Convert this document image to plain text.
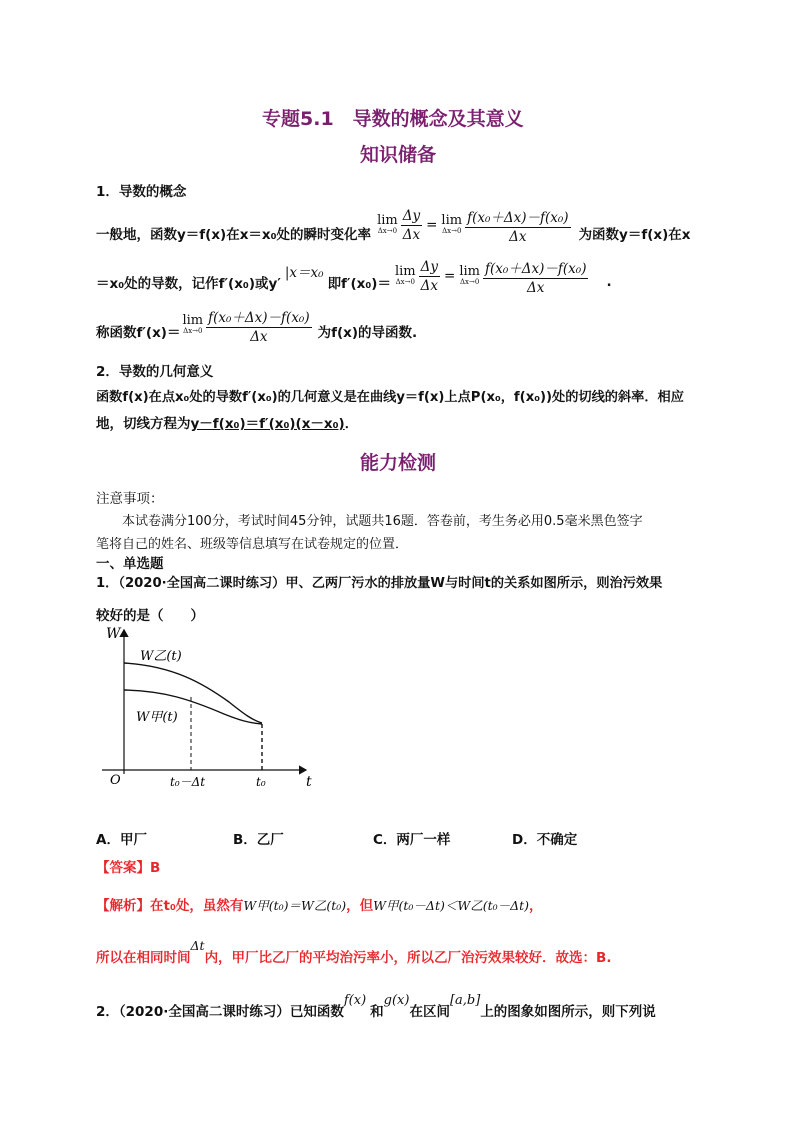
专题5.1　导数的概念及其意义
知识储备
1．导数的概念
一般地，函数y＝f(x)在x＝x₀处的瞬时变化率
lim
$\Delta x\to 0 \frac{\Delta y}{\Delta x} = \lim$
$\Delta x\to 0 \frac{\text{f(x₀＋Δx)－f(x₀)}}{\Delta x}$ 为函数y＝f(x)在x
＝x₀处的导数，记作f′(x₀)或y′
|x＝x₀
即f′(x₀)＝
lim
$\Delta x\to 0 \frac{\Delta y}{\Delta x} = \lim$
$\Delta x\to 0 \frac{\text{f(x₀＋Δx)－f(x₀)}}{\Delta x}$ .
称函数f′(x)＝
lim
$\Delta x\to 0 \frac{\text{f(x₀＋Δx)－f(x₀)}}{\Delta x}$ 为f(x)的导函数.
2．导数的几何意义
函数f(x)在点x₀处的导数f′(x₀)的几何意义是在曲线y＝f(x)上点P(x₀，f(x₀))处的切线的斜率．相应
地，切线方程为y－f(x₀)＝f′(x₀)(x－x₀)．
能力检测
注意事项：
本试卷满分100分，考试时间45分钟，试题共16题．答卷前，考生务必用0.5毫米黑色签字
笔将自己的姓名、班级等信息填写在试卷规定的位置．
一、单选题
1．（2020·全国高二课时练习）甲、乙两厂污水的排放量W与时间t的关系如图所示，则治污效果
较好的是（　　）
W
t
O
W乙(t)
W甲(t)
t₀－Δt	t₀
A．甲厂	B．乙厂	C．两厂一样	D．不确定
【答案】B
【解析】在t₀处，虽然有W甲(t₀)＝W乙(t₀)，但W甲(t₀－Δt)＜W乙(t₀－Δt)，
所以在相同时间Δt内，甲厂比乙厂的平均治污率小，所以乙厂治污效果较好．故选：B.
2．（2020·全国高二课时练习）已知函数
f(x)
和
g(x)
在区间
[a,b]
上的图象如图所示，则下列说
